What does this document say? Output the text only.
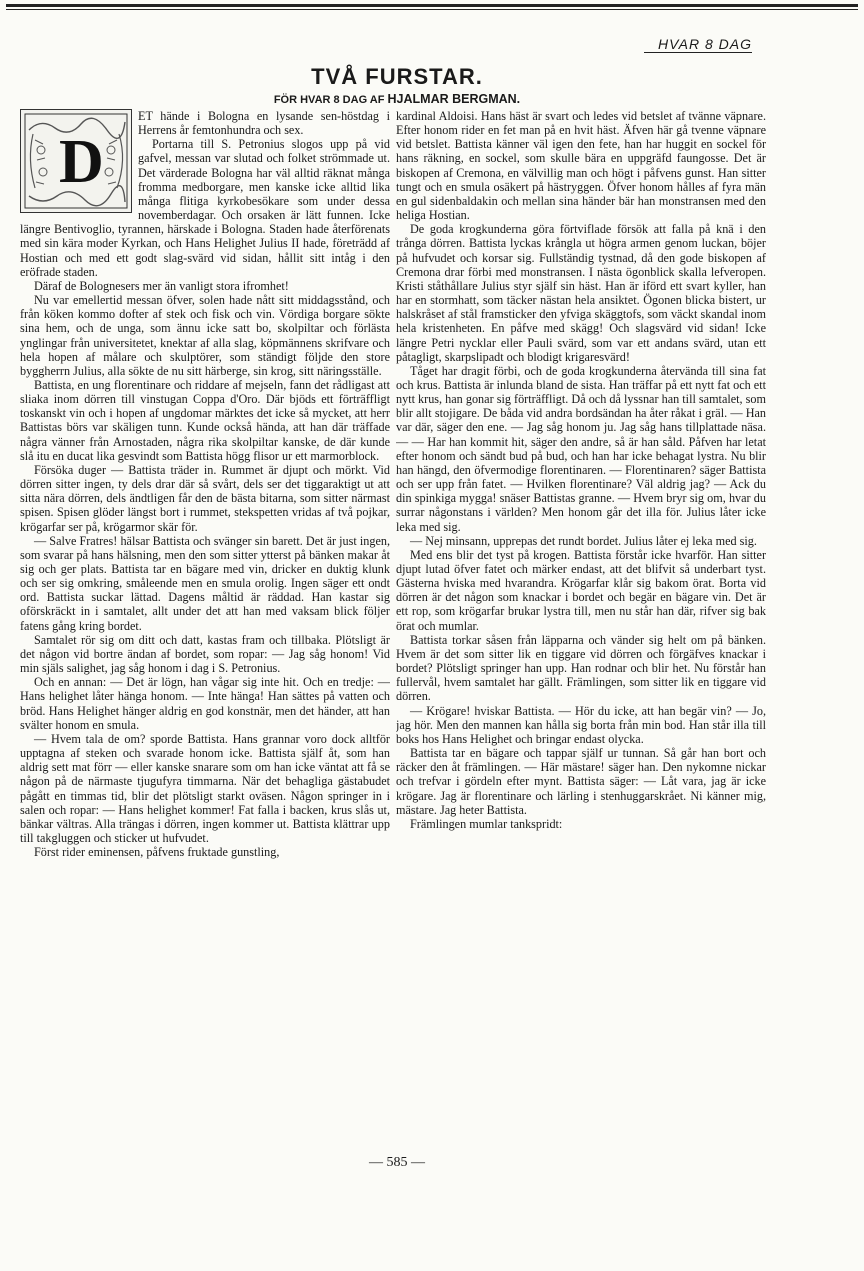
HVAR 8 DAG
TVÅ FURSTAR.
FÖR HVAR 8 DAG AF HJALMAR BERGMAN.
D

ET hände i Bologna en lysande sen-höstdag i Herrens år femtonhundra och sex.

Portarna till S. Petronius slogos upp på vid gafvel, messan var slutad och folket strömmade ut. Det värderade Bologna har väl alltid räknat många fromma medborgare, men kanske icke alltid lika många flitiga kyrkobesökare som under dessa novemberdagar. Och orsaken är lätt funnen. Icke längre Bentivoglio, tyrannen, härskade i Bologna. Staden hade återförenats med sin kära moder Kyrkan, och Hans Helighet Julius II hade, företrädd af Hostian och med ett godt slag-svärd vid sidan, hållit sitt intåg i den eröfrade staden.

Däraf de Bolognesers mer än vanligt stora ifromhet!

Nu var emellertid messan öfver, solen hade nått sitt middagsstånd, och från köken kommo dofter af stek och fisk och vin. Vördiga borgare sökte sina hem, och de unga, som ännu icke satt bo, skolpiltar och förlästa ynglingar från universitetet, knektar af alla slag, köpmännens skrifvare och hela hopen af målare och skulptörer, som ständigt följde den store byggherrn Julius, alla sökte de nu sitt härberge, sin krog, sitt näringsställe.

Battista, en ung florentinare och riddare af mejseln, fann det rådligast att sliaka inom dörren till vinstugan Coppa d'Oro. Där bjöds ett förträffligt toskanskt vin och i hopen af ungdomar märktes det icke så mycket, att herr Battistas börs var skäligen tunn. Kunde också hända, att han där träffade några vänner från Arnostaden, några rika skolpiltar kanske, de där kunde slå itu en ducat lika gesvindt som Battista högg flisor ur ett marmorblock.

Försöka duger — Battista träder in. Rummet är djupt och mörkt. Vid dörren sitter ingen, ty dels drar där så svårt, dels ser det tiggaraktigt ut att sitta nära dörren, dels ändtligen får den de bästa bitarna, som sitter närmast spisen. Spisen glöder längst bort i rummet, stekspetten vridas af två pojkar, krögarfar ser på, krögarmor skär för.

— Salve Fratres! hälsar Battista och svänger sin barett. Det är just ingen, som svarar på hans hälsning, men den som sitter ytterst på bänken makar åt sig och ger plats. Battista tar en bägare med vin, dricker en duktig klunk och ser sig omkring, småleende men en smula orolig. Ingen säger ett ondt ord. Battista suckar lättad. Dagens måltid är räddad. Han kastar sig oförskräckt in i samtalet, allt under det att han med vaksam blick följer fatens gång kring bordet.

Samtalet rör sig om ditt och datt, kastas fram och tillbaka. Plötsligt är det någon vid bortre ändan af bordet, som ropar: — Jag såg honom! Vid min själs salighet, jag såg honom i dag i S. Petronius.

Och en annan: — Det är lögn, han vågar sig inte hit. Och en tredje: — Hans helighet låter hänga honom. — Inte hänga! Han sättes på vatten och bröd. Hans Helighet hänger aldrig en god konstnär, men det händer, att han svälter honom en smula.

— Hvem tala de om? sporde Battista. Hans grannar voro dock alltför upptagna af steken och svarade honom icke. Battista själf åt, som han aldrig sett mat förr — eller kanske snarare som om han icke väntat att få se någon på de närmaste tjugufyra timmarna. När det behagliga gästabudet pågått en timmas tid, blir det plötsligt starkt oväsen. Någon springer in i salen och ropar: — Hans helighet kommer! Fat falla i backen, krus slås ut, bänkar vältras. Alla trängas i dörren, ingen kommer ut. Battista klättrar upp till takgluggen och sticker ut hufvudet.

Först rider eminensen, påfvens fruktade gunstling,

kardinal Aldoisi. Hans häst är svart och ledes vid betslet af tvänne väpnare. Efter honom rider en fet man på en hvit häst. Äfven här gå tvenne väpnare vid betslet. Battista känner väl igen den fete, han har huggit en sockel för hans räkning, en sockel, som skulle bära en uppgräfd faungosse. Det är biskopen af Cremona, en välvillig man och högt i påfvens gunst. Han sitter tungt och en smula osäkert på hästryggen. Öfver honom hålles af fyra män en gul sidenbaldakin och mellan sina händer bär han monstransen med den heliga Hostian.

De goda krogkunderna göra förtviflade försök att falla på knä i den trånga dörren. Battista lyckas krångla ut högra armen genom luckan, böjer på hufvudet och korsar sig. Fullständig tystnad, då den gode biskopen af Cremona drar förbi med monstransen. I nästa ögonblick skalla lefveropen. Kristi ståthållare Julius styr själf sin häst. Han är iförd ett svart kyller, han har en stormhatt, som täcker nästan hela ansiktet. Ögonen blicka bistert, ur halskråset af stål framsticker den yfviga skäggtofs, som väckt skandal inom hela kristenheten. En påfve med skägg! Och slagsvärd vid sidan! Icke längre Petri nycklar eller Pauli svärd, som var ett andans svärd, utan ett påtagligt, skarpslipadt och blodigt krigaresvärd!

Tåget har dragit förbi, och de goda krogkunderna återvända till sina fat och krus. Battista är inlunda bland de sista. Han träffar på ett nytt fat och ett nytt krus, han gonar sig förträffligt. Då och då lyssnar han till samtalet, som blir allt stojigare. De båda vid andra bordsändan ha åter råkat i gräl. — Han var där, säger den ene. — Jag såg honom ju. Jag såg hans tillplattade näsa. — — Har han kommit hit, säger den andre, så är han såld. Påfven har letat efter honom och sändt bud på bud, och han har icke behagat lystra. Nu blir han hängd, den öfvermodige florentinaren. — Florentinaren? säger Battista och ser upp från fatet. — Hvilken florentinare? Väl aldrig jag? — Ack du din spinkiga mygga! snäser Battistas granne. — Hvem bryr sig om, hvar du surrar någonstans i världen? Men honom går det illa för. Julius låter icke leka med sig.

— Nej minsann, upprepas det rundt bordet. Julius låter ej leka med sig.

Med ens blir det tyst på krogen. Battista förstår icke hvarför. Han sitter djupt lutad öfver fatet och märker endast, att det blifvit så underbart tyst. Gästerna hviska med hvarandra. Krögarfar klår sig bakom örat. Borta vid dörren är det någon som knackar i bordet och begär en bägare vin. Det är ett rop, som krögarfar brukar lystra till, men nu står han där, rifver sig bak örat och mumlar.

Battista torkar såsen från läpparna och vänder sig helt om på bänken. Hvem är det som sitter lik en tiggare vid dörren och förgäfves knackar i bordet? Plötsligt springer han upp. Han rodnar och blir het. Nu förstår han fullervål, hvem samtalet har gällt. Främlingen, som sitter lik en tiggare vid dörren.

— Krögare! hviskar Battista. — Hör du icke, att han begär vin? — Jo, jag hör. Men den mannen kan hålla sig borta från min bod. Han står illa till boks hos Hans Helighet och bringar endast olycka.

Battista tar en bägare och tappar själf ur tunnan. Så går han bort och räcker den åt främlingen. — Här mästare! säger han. Den nykomne nickar och trefvar i gördeln efter mynt. Battista säger: — Låt vara, jag är icke krögare. Jag är florentinare och lärling i stenhuggarskrået. Ni känner mig, mästare. Jag heter Battista.

Främlingen mumlar tankspridt:

— 585 —
